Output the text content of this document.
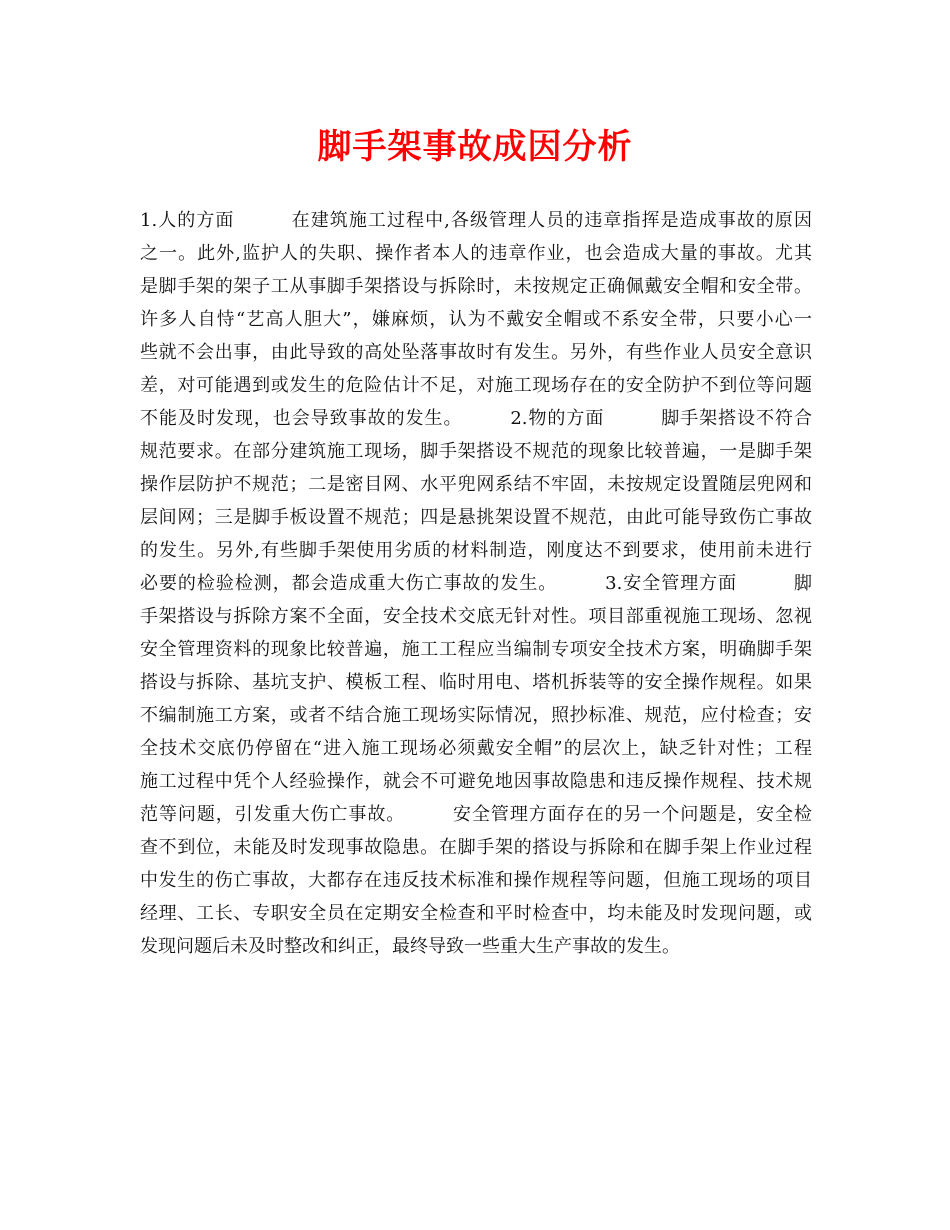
脚手架事故成因分析
1.人的方面　　　在建筑施工过程中,各级管理人员的违章指挥是造成事故的原因
之一。此外,监护人的失职、操作者本人的违章作业，也会造成大量的事故。尤其
是脚手架的架子工从事脚手架搭设与拆除时，未按规定正确佩戴安全帽和安全带。
许多人自恃“艺高人胆大”，嫌麻烦，认为不戴安全帽或不系安全带，只要小心一
些就不会出事，由此导致的高处坠落事故时有发生。另外，有些作业人员安全意识
差，对可能遇到或发生的危险估计不足，对施工现场存在的安全防护不到位等问题
不能及时发现，也会导致事故的发生。　　　2.物的方面　　　脚手架搭设不符合
规范要求。在部分建筑施工现场，脚手架搭设不规范的现象比较普遍，一是脚手架
操作层防护不规范；二是密目网、水平兜网系结不牢固，未按规定设置随层兜网和
层间网；三是脚手板设置不规范；四是悬挑架设置不规范，由此可能导致伤亡事故
的发生。另外,有些脚手架使用劣质的材料制造，刚度达不到要求，使用前未进行
必要的检验检测，都会造成重大伤亡事故的发生。　　　3.安全管理方面　　　脚
手架搭设与拆除方案不全面，安全技术交底无针对性。项目部重视施工现场、忽视
安全管理资料的现象比较普遍，施工工程应当编制专项安全技术方案，明确脚手架
搭设与拆除、基坑支护、模板工程、临时用电、塔机拆装等的安全操作规程。如果
不编制施工方案，或者不结合施工现场实际情况，照抄标准、规范，应付检查；安
全技术交底仍停留在“进入施工现场必须戴安全帽”的层次上，缺乏针对性；工程
施工过程中凭个人经验操作，就会不可避免地因事故隐患和违反操作规程、技术规
范等问题，引发重大伤亡事故。　　　安全管理方面存在的另一个问题是，安全检
查不到位，未能及时发现事故隐患。在脚手架的搭设与拆除和在脚手架上作业过程
中发生的伤亡事故，大都存在违反技术标准和操作规程等问题，但施工现场的项目
经理、工长、专职安全员在定期安全检查和平时检查中，均未能及时发现问题，或
发现问题后未及时整改和纠正，最终导致一些重大生产事故的发生。
